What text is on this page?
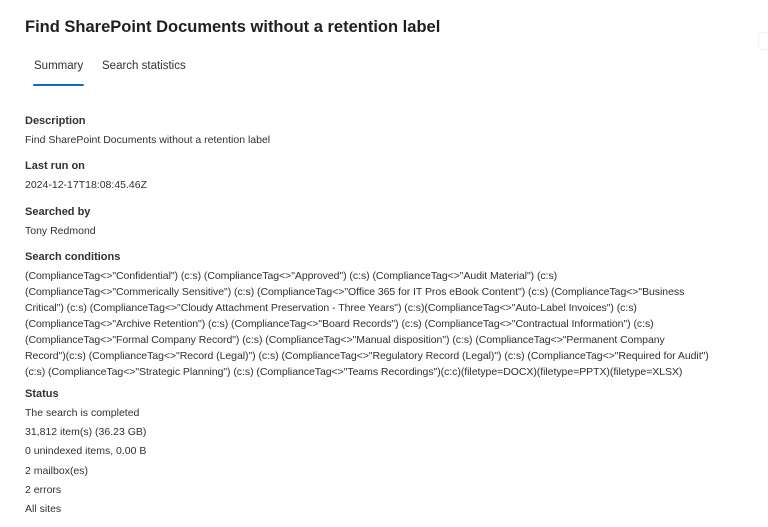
Find SharePoint Documents without a retention label
Summary Search statistics
Description
Find SharePoint Documents without a retention label
Last run on
2024-12-17T18:08:45.46Z
Searched by
Tony Redmond
Search conditions
(ComplianceTag<>"Confidential") (c:s) (ComplianceTag<>"Approved") (c:s) (ComplianceTag<>"Audit Material") (c:s)
(ComplianceTag<>"Commerically Sensitive") (c:s) (ComplianceTag<>"Office 365 for IT Pros eBook Content") (c:s) (ComplianceTag<>"Business
Critical") (c:s) (ComplianceTag<>"Cloudy Attachment Preservation - Three Years") (c:s)(ComplianceTag<>"Auto-Label Invoices") (c:s)
(ComplianceTag<>"Archive Retention") (c:s) (ComplianceTag<>"Board Records") (c:s) (ComplianceTag<>"Contractual Information") (c:s)
(ComplianceTag<>"Formal Company Record") (c:s) (ComplianceTag<>"Manual disposition") (c:s) (ComplianceTag<>"Permanent Company
Record")(c:s) (ComplianceTag<>"Record (Legal)") (c:s) (ComplianceTag<>"Regulatory Record (Legal)") (c:s) (ComplianceTag<>"Required for Audit")
(c:s) (ComplianceTag<>"Strategic Planning") (c:s) (ComplianceTag<>"Teams Recordings")(c:c)(filetype=DOCX)(filetype=PPTX)(filetype=XLSX)
Status
The search is completed
31,812 item(s) (36.23 GB)
0 unindexed items, 0.00 B
2 mailbox(es)
2 errors
All sites
